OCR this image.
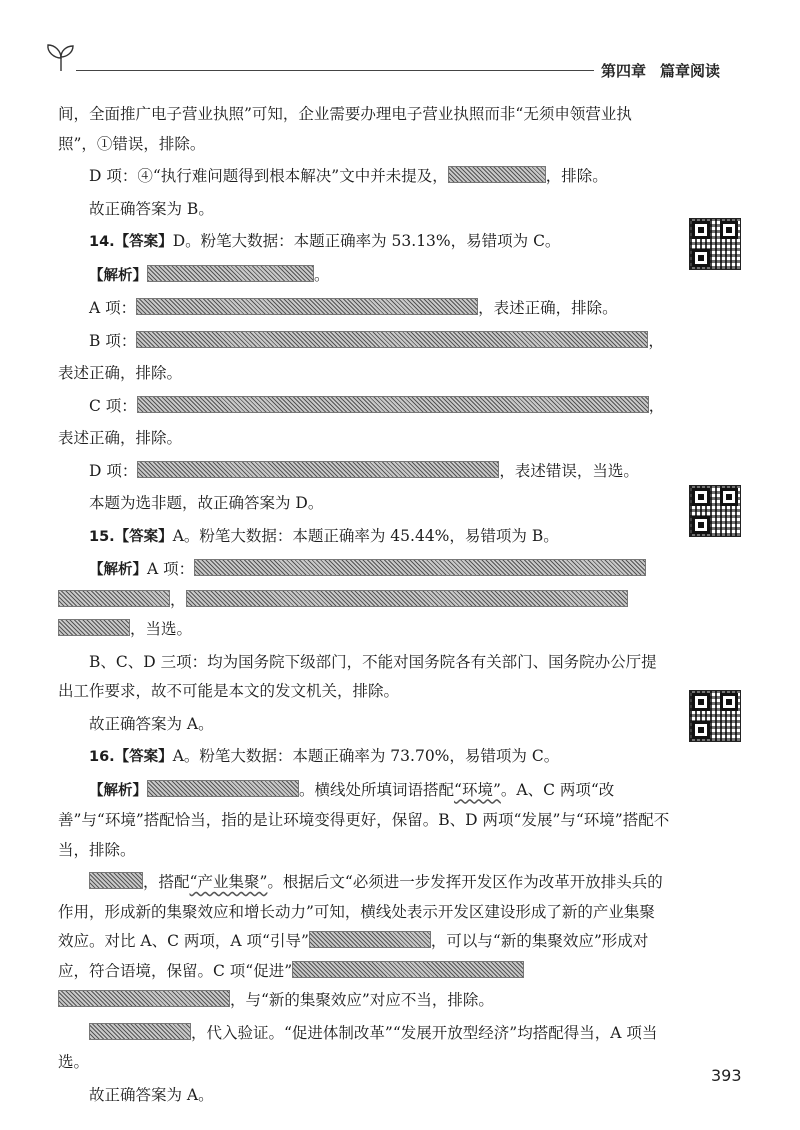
第四章 篇章阅读

间，全面推广电子营业执照”可知，企业需要办理电子营业执照而非“无须申领营业执照”，①错误，排除。

D 项：④“执行难问题得到根本解决”文中并未提及，	，排除。

故正确答案为 B。

14.【答案】D。粉笔大数据：本题正确率为 53.13%，易错项为 C。

【解析】	。

A 项：	，表述正确，排除。

B 项：	，

表述正确，排除。

C 项：	，

表述正确，排除。

D 项：	，表述错误，当选。

本题为选非题，故正确答案为 D。

15.【答案】A。粉笔大数据：本题正确率为 45.44%，易错项为 B。

【解析】A 项：，，当选。

B、C、D 三项：均为国务院下级部门，不能对国务院各有关部门、国务院办公厅提出工作要求，故不可能是本文的发文机关，排除。

故正确答案为 A。

16.【答案】A。粉笔大数据：本题正确率为 73.70%，易错项为 C。

【解析】	。横线处所填词语搭配“环境”。A、C 两项“改善”与“环境”搭配恰当，指的是让环境变得更好，保留。B、D 两项“发展”与“环境”搭配不当，排除。

，搭配“产业集聚”。根据后文“必须进一步发挥开发区作为改革开放排头兵的作用，形成新的集聚效应和增长动力”可知，横线处表示开发区建设形成了新的产业集聚效应。对比 A、C 两项，A 项“引导”	，可以与“新的集聚效应”形成对应，符合语境，保留。C 项“促进”，与“新的集聚效应”对应不当，排除。

，代入验证。“促进体制改革”“发展开放型经济”均搭配得当，A 项当选。

故正确答案为 A。

393
